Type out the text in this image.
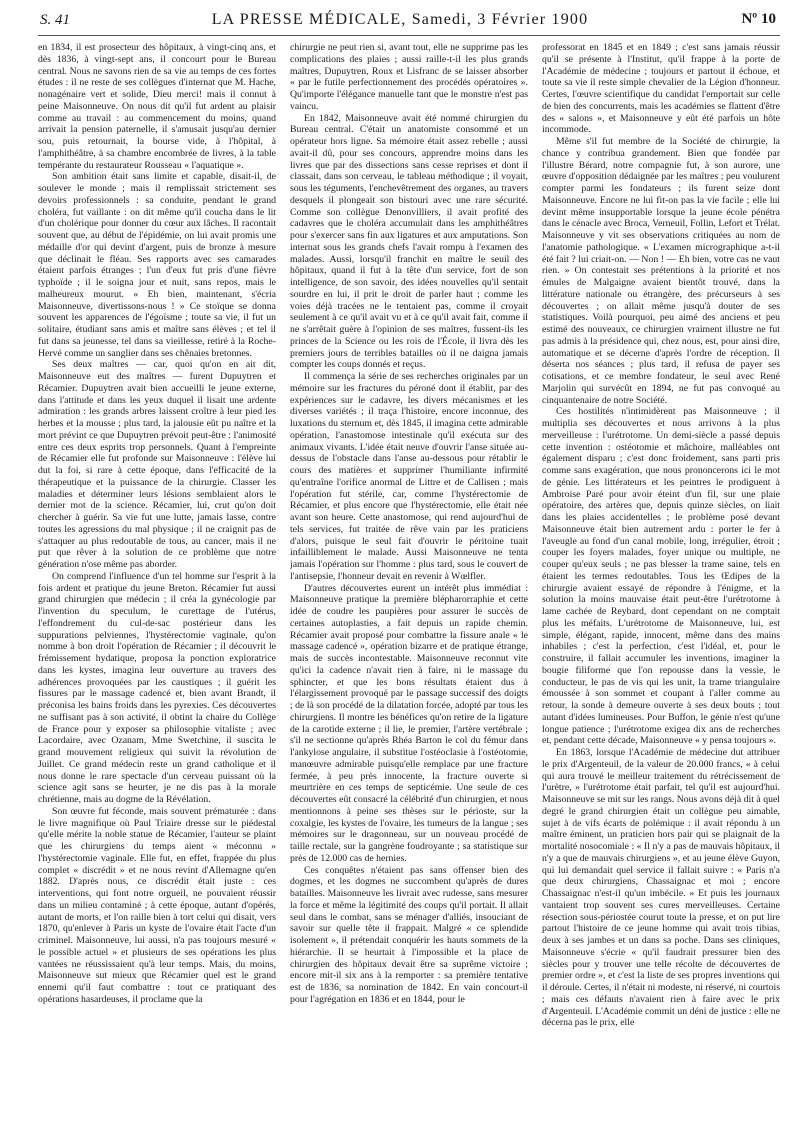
S. 41	LA PRESSE MÉDICALE, Samedi, 3 Février 1900	Nº 10

en 1834, il est prosecteur des hôpitaux, à vingt-cinq ans, et dès 1836, à vingt-sept ans, il concourt pour le Bureau central. Nous ne savons rien de sa vie au temps de ces fortes études : il ne reste de ses collègues d'internat que M. Hache, nonagénaire vert et solide, Dieu merci! mais il connut à peine Maisonneuve. On nous dit qu'il fut ardent au plaisir comme au travail : au commencement du moins, quand arrivait la pension paternelle, il s'amusait jusqu'au dernier sou, puis retournait, la bourse vide, à l'hôpital, à l'amphithéâtre, à sa chambre encombrée de livres, à la table tempérante du restaurateur Rousseau « l'aquatique ».

Son ambition était sans limite et capable, disait-il, de soulever le monde ; mais il remplissait strictement ses devoirs professionnels : sa conduite, pendant le grand choléra, fut vaillante : on dit même qu'il coucha dans le lit d'un cholérique pour donner du cœur aux lâches. Il racontait souvent que, au début de l'épidémie, on lui avait promis une médaille d'or qui devint d'argent, puis de bronze à mesure que déclinait le fléau. Ses rapports avec ses camarades étaient parfois étranges ; l'un d'eux fut pris d'une fièvre typhoïde ; il le soigna jour et nuit, sans repos, mais le malheureux mourut. « Eh bien, maintenant, s'écria Maisonneuve, divertissons-nous ! » Ce stoïque se donna souvent les apparences de l'égoïsme ; toute sa vie, il fut un solitaire, étudiant sans amis et maître sans élèves ; et tel il fut dans sa jeunesse, tel dans sa vieillesse, retiré à la Roche-Hervé comme un sanglier dans ses chênaies bretonnes.

Ses deux maîtres — car, quoi qu'on en ait dit, Maisonneuve eut des maîtres — furent Dupuytren et Récamier. Dupuytren avait bien accueilli le jeune externe, dans l'attitude et dans les yeux duquel il lisait une ardente admiration : les grands arbres laissent croître à leur pied les herbes et la mousse ; plus tard, la jalousie eût pu naître et la mort prévint ce que Dupuytren prévoit peut-être : l'animosité entre ces deux esprits trop personnels. Quant à l'empreinte de Récamier elle fut profonde sur Maisonneuve : l'élève lui dut la foi, si rare à cette époque, dans l'efficacité de la thérapeutique et la puissance de la chirurgie. Classer les maladies et déterminer leurs lésions semblaient alors le dernier mot de la science. Récamier, lui, crut qu'on doit chercher à guérir. Sa vie fut une lutte, jamais lasse, contre toutes les agressions du mal physique ; il ne craignit pas de s'attaquer au plus redoutable de tous, au cancer, mais il ne put que rêver à la solution de ce problème que notre génération n'ose même pas aborder.

On comprend l'influence d'un tel homme sur l'esprit à la fois ardent et pratique du jeune Breton. Récamier fut aussi grand chirurgien que médecin ; il créa la gynécologie par l'invention du speculum, le curettage de l'utérus, l'effondrement du cul-de-sac postérieur dans les suppurations pelviennes, l'hystérectomie vaginale, qu'on nomme à bon droit l'opération de Récamier ; il découvrit le frémissement hydatique, proposa la ponction exploratrice dans les kystes, imagina leur ouverture au travers des adhérences provoquées par les caustiques ; il guérit les fissures par le massage cadencé et, bien avant Brandt, il préconisa les bains froids dans les pyrexies. Ces découvertes ne suffisant pas à son activité, il obtint la chaire du Collège de France pour y exposer sa philosophie vitaliste ; avec Lacordaire, avec Ozanam, Mme Swetchine, il suscita le grand mouvement religieux qui suivit la révolution de Juillet. Ce grand médecin reste un grand catholique et il nous donne le rare spectacle d'un cerveau puissant où la science agit sans se heurter, je ne dis pas à la morale chrétienne, mais au dogme de la Révélation.

Son œuvre fut féconde, mais souvent prématurée : dans le livre magnifique où Paul Triaire dresse sur le piédestal qu'elle mérite la noble statue de Récamier, l'auteur se plaint que les chirurgiens du temps aient « méconnu » l'hystérectomie vaginale. Elle fut, en effet, frappée du plus complet « discrédit » et ne nous revint d'Allemagne qu'en 1882. D'après nous, ce discrédit était juste : ces interventions, qui font notre orgueil, ne pouvaient réussir dans un milieu contaminé ; à cette époque, autant d'opérés, autant de morts, et l'on raille bien à tort celui qui disait, vers 1870, qu'enlever à Paris un kyste de l'ovaire était l'acte d'un criminel. Maisonneuve, lui aussi, n'a pas toujours mesuré « le possible actuel » et plusieurs de ses opérations les plus vantées ne réussissaient qu'à leur temps. Mais, du moins, Maisonneuve sut mieux que Récamier quel est le grand ennemi qu'il faut combattre : tout ce pratiquant des opérations hasardeuses, il proclame que la

chirurgie ne peut rien si, avant tout, elle ne supprime pas les complications des plaies ; aussi raille-t-il les plus grands maîtres, Dupuytren, Roux et Lisfranc de se laisser absorber « par le futile perfectionnement des procédés opératoires ». Qu'importe l'élégance manuelle tant que le monstre n'est pas vaincu.

En 1842, Maisonneuve avait été nommé chirurgien du Bureau central. C'était un anatomiste consommé et un opérateur hors ligne. Sa mémoire était assez rebelle ; aussi avait-il dû, pour ses concours, apprendre moins dans les livres que par des dissections sans cesse reprises et dont il classait, dans son cerveau, le tableau méthodique ; il voyait, sous les téguments, l'enchevêtrement des organes, au travers desquels il plongeait son bistouri avec une rare sécurité. Comme son collègue Denonvilliers, il avait profité des cadavres que le choléra accumulait dans les amphithéâtres pour s'exercer sans fin aux ligatures et aux amputations. Son internat sous les grands chefs l'avait rompu à l'examen des malades. Aussi, lorsqu'il franchit en maître le seuil des hôpitaux, quand il fut à la tête d'un service, fort de son intelligence, de son savoir, des idées nouvelles qu'il sentait sourdre en lui, il prit le droit de parler haut ; comme les voies déjà tracées ne le tentaient pas, comme il croyait seulement à ce qu'il avait vu et à ce qu'il avait fait, comme il ne s'arrêtait guère à l'opinion de ses maîtres, fussent-ils les princes de la Science ou les rois de l'École, il livra dès les premiers jours de terribles batailles où il ne daigna jamais compter les coups donnés et reçus.

Il commença la série de ses recherches originales par un mémoire sur les fractures du péroné dont il établit, par des expériences sur le cadavre, les divers mécanismes et les diverses variétés ; il traça l'histoire, encore inconnue, des luxations du sternum et, dès 1845, il imagina cette admirable opération, l'anastomose intestinale qu'il exécuta sur des animaux vivants. L'idée était neuve d'ouvrir l'anse située au-dessus de l'obstacle dans l'anse au-dessous pour rétablir le cours des matières et supprimer l'humiliante infirmité qu'entraîne l'orifice anormal de Littre et de Callisen ; mais l'opération fut stérile, car, comme l'hystérectomie de Récamier, et plus encore que l'hystérectomie, elle était née avant son heure. Cette anastomose, qui rend aujourd'hui de tels services, fut traitée de rêve vain par les praticiens d'alors, puisque le seul fait d'ouvrir le péritoine tuait infailliblement le malade. Aussi Maisonneuve ne tenta jamais l'opération sur l'homme : plus tard, sous le couvert de l'antisepsie, l'honneur devait en revenir à Wœlfler.

D'autres découvertes eurent un intérêt plus immédiat : Maisonneuve pratique la première blépharorraphie et cette idée de coudre les paupières pour assurer le succès de certaines autoplasties, a fait depuis un rapide chemin. Récamier avait proposé pour combattre la fissure anale « le massage cadencé », opération bizarre et de pratique étrange, mais de succès incontestable. Maisonneuve reconnut vite qu'ici la cadence n'avait rien à faire, ni le massage du sphincter, et que les bons résultats étaient dus à l'élargissement provoqué par le passage successif des doigts ; de là son procédé de la dilatation forcée, adopté par tous les chirurgiens. Il montre les bénéfices qu'on retire de la ligature de la carotide externe ; il lie, le premier, l'artère vertébrale ; s'il ne sectionne qu'après Rhéa Barton le col du fémur dans l'ankylose angulaire, il substitue l'ostéoclasie à l'ostéotomie, manœuvre admirable puisqu'elle remplace par une fracture fermée, à peu près innocente, la fracture ouverte si meurtrière en ces temps de septicémie. Une seule de ces découvertes eût consacré la célébrité d'un chirurgien, et nous mentionnons à peine ses thèses sur le périoste, sur la coxalgie, les kystes de l'ovaire, les tumeurs de la langue ; ses mémoires sur le dragonneau, sur un nouveau procédé de taille rectale, sur la gangrène foudroyante ; sa statistique sur près de 12.000 cas de hernies.

Ces conquêtes n'étaient pas sans offenser bien des dogmes, et les dogmes ne succombent qu'après de dures batailles. Maisonneuve les livrait avec rudesse, sans mesurer la force et même la légitimité des coups qu'il portait. Il allait seul dans le combat, sans se ménager d'alliés, insouciant de savoir sur quelle tête il frappait. Malgré « ce splendide isolement », il prétendait conquérir les hauts sommets de la hiérarchie. Il se heurtait à l'impossible et la place de chirurgien des hôpitaux devait être sa suprême victoire ; encore mit-il six ans à la remporter : sa première tentative est de 1836, sa nomination de 1842. En vain concourt-il pour l'agrégation en 1836 et en 1844, pour le

professorat en 1845 et en 1849 ; c'est sans jamais réussir qu'il se présente à l'Institut, qu'il frappe à la porte de l'Académie de médecine ; toujours et partout il échoue, et toute sa vie il reste simple chevalier de la Légion d'honneur. Certes, l'œuvre scientifique du candidat l'emportait sur celle de bien des concurrents, mais les académies se flattent d'être des « salons », et Maisonneuve y eût été parfois un hôte incommode.

Même s'il fut membre de la Société de chirurgie, la chance y contribua grandement. Bien que fondée par l'illustre Bérard, notre compagnie fut, à son aurore, une œuvre d'opposition dédaignée par les maîtres ; peu voulurent compter parmi les fondateurs ; ils furent seize dont Maisonneuve. Encore ne lui fit-on pas la vie facile ; elle lui devint même insupportable lorsque la jeune école pénétra dans le cénacle avec Broca, Verneuil, Follin, Lefort et Trélat. Maisonneuve y vit ses observations critiquées au nom de l'anatomie pathologique. « L'examen micrographique a-t-il été fait ? lui criait-on. — Non ! — Eh bien, votre cas ne vaut rien. » On contestait ses prétentions à la priorité et nos émules de Malgaigne avaient bientôt trouvé, dans la littérature nationale ou étrangère, des précurseurs à ses découvertes ; on allait même jusqu'à douter de ses statistiques. Voilà pourquoi, peu aimé des anciens et peu estimé des nouveaux, ce chirurgien vraiment illustre ne fut pas admis à la présidence qui, chez nous, est, pour ainsi dire, automatique et se décerne d'après l'ordre de réception. Il déserta nos séances ; plus tard, il refusa de payer ses cotisations, et ce membre fondateur, le seul avec René Marjolin qui survécût en 1894, ne fut pas convoqué au cinquantenaire de notre Société.

Ces hostilités n'intimidèrent pas Maisonneuve ; il multiplia ses découvertes et nous arrivons à la plus merveilleuse : l'urétrotome. Un demi-siècle a passé depuis cette invention : ostéotomie et mâchoire, malléables ont également disparu ; c'est donc froidement, sans parti pris comme sans exagération, que nous prononcerons ici le mot de génie. Les littérateurs et les peintres le prodiguent à Ambroise Paré pour avoir éteint d'un fil, sur une plaie opératoire, des artères que, depuis quinze siècles, on liait dans les plaies accidentelles ; le problème posé devant Maisonneuve était bien autrement ardu : porter le fer à l'aveugle au fond d'un canal mobile, long, irrégulier, étroit ; couper les foyers malades, foyer unique ou multiple, ne couper qu'eux seuls ; ne pas blesser la trame saine, tels en étaient les termes redoutables. Tous les Œdipes de la chirurgie avaient essayé de répondre à l'énigme, et la solution la moins mauvaise était peut-être l'urétrotome à lame cachée de Reybard, dont cependant on ne comptait plus les méfaits. L'urétrotome de Maisonneuve, lui, est simple, élégant, rapide, innocent, même dans des mains inhabiles ; c'est la perfection, c'est l'idéal, et, pour le construire, il fallait accumuler les inventions, imaginer la bougie filiforme que l'on repousse dans la vessie, le conducteur, le pas de vis qui les unit, la trame triangulaire émoussée à son sommet et coupant à l'aller comme au retour, la sonde à demeure ouverte à ses deux bouts ; tout autant d'idées lumineuses. Pour Buffon, le génie n'est qu'une longue patience ; l'urétrotome exigea dix ans de recherches et, pendant cette décade, Maisonneuve « y pensa toujours ».

En 1863, lorsque l'Académie de médecine dut attribuer le prix d'Argenteuil, de la valeur de 20.000 francs, « à celui qui aura trouvé le meilleur traitement du rétrécissement de l'urètre, » l'urétrotome était parfait, tel qu'il est aujourd'hui. Maisonneuve se mit sur les rangs. Nous avons déjà dit à quel degré le grand chirurgien était un collègue peu aimable, sujet à de vifs écarts de polémique : il avait répondu à un maître éminent, un praticien hors pair qui se plaignait de la mortalité nosocomiale : « Il n'y a pas de mauvais hôpitaux, il n'y a que de mauvais chirurgiens », et au jeune élève Guyon, qui lui demandait quel service il fallait suivre : « Paris n'a que deux chirurgiens, Chassaignac et moi ; encore Chassaignac n'est-il qu'un imbécile. » Et puis les journaux vantaient trop souvent ses cures merveilleuses. Certaine résection sous-périostée courut toute la presse, et on put lire partout l'histoire de ce jeune homme qui avait trois tibias, deux à ses jambes et un dans sa poche. Dans ses cliniques, Maisonneuve s'écrie « qu'il faudrait pressurer bien des siècles pour y trouver une telle récolte de découvertes de premier ordre », et c'est la liste de ses propres inventions qui il déroule. Certes, il n'était ni modeste, ni réservé, ni courtois ; mais ces défauts n'avaient rien à faire avec le prix d'Argenteuil. L'Académie commit un déni de justice : elle ne décerna pas le prix, elle
